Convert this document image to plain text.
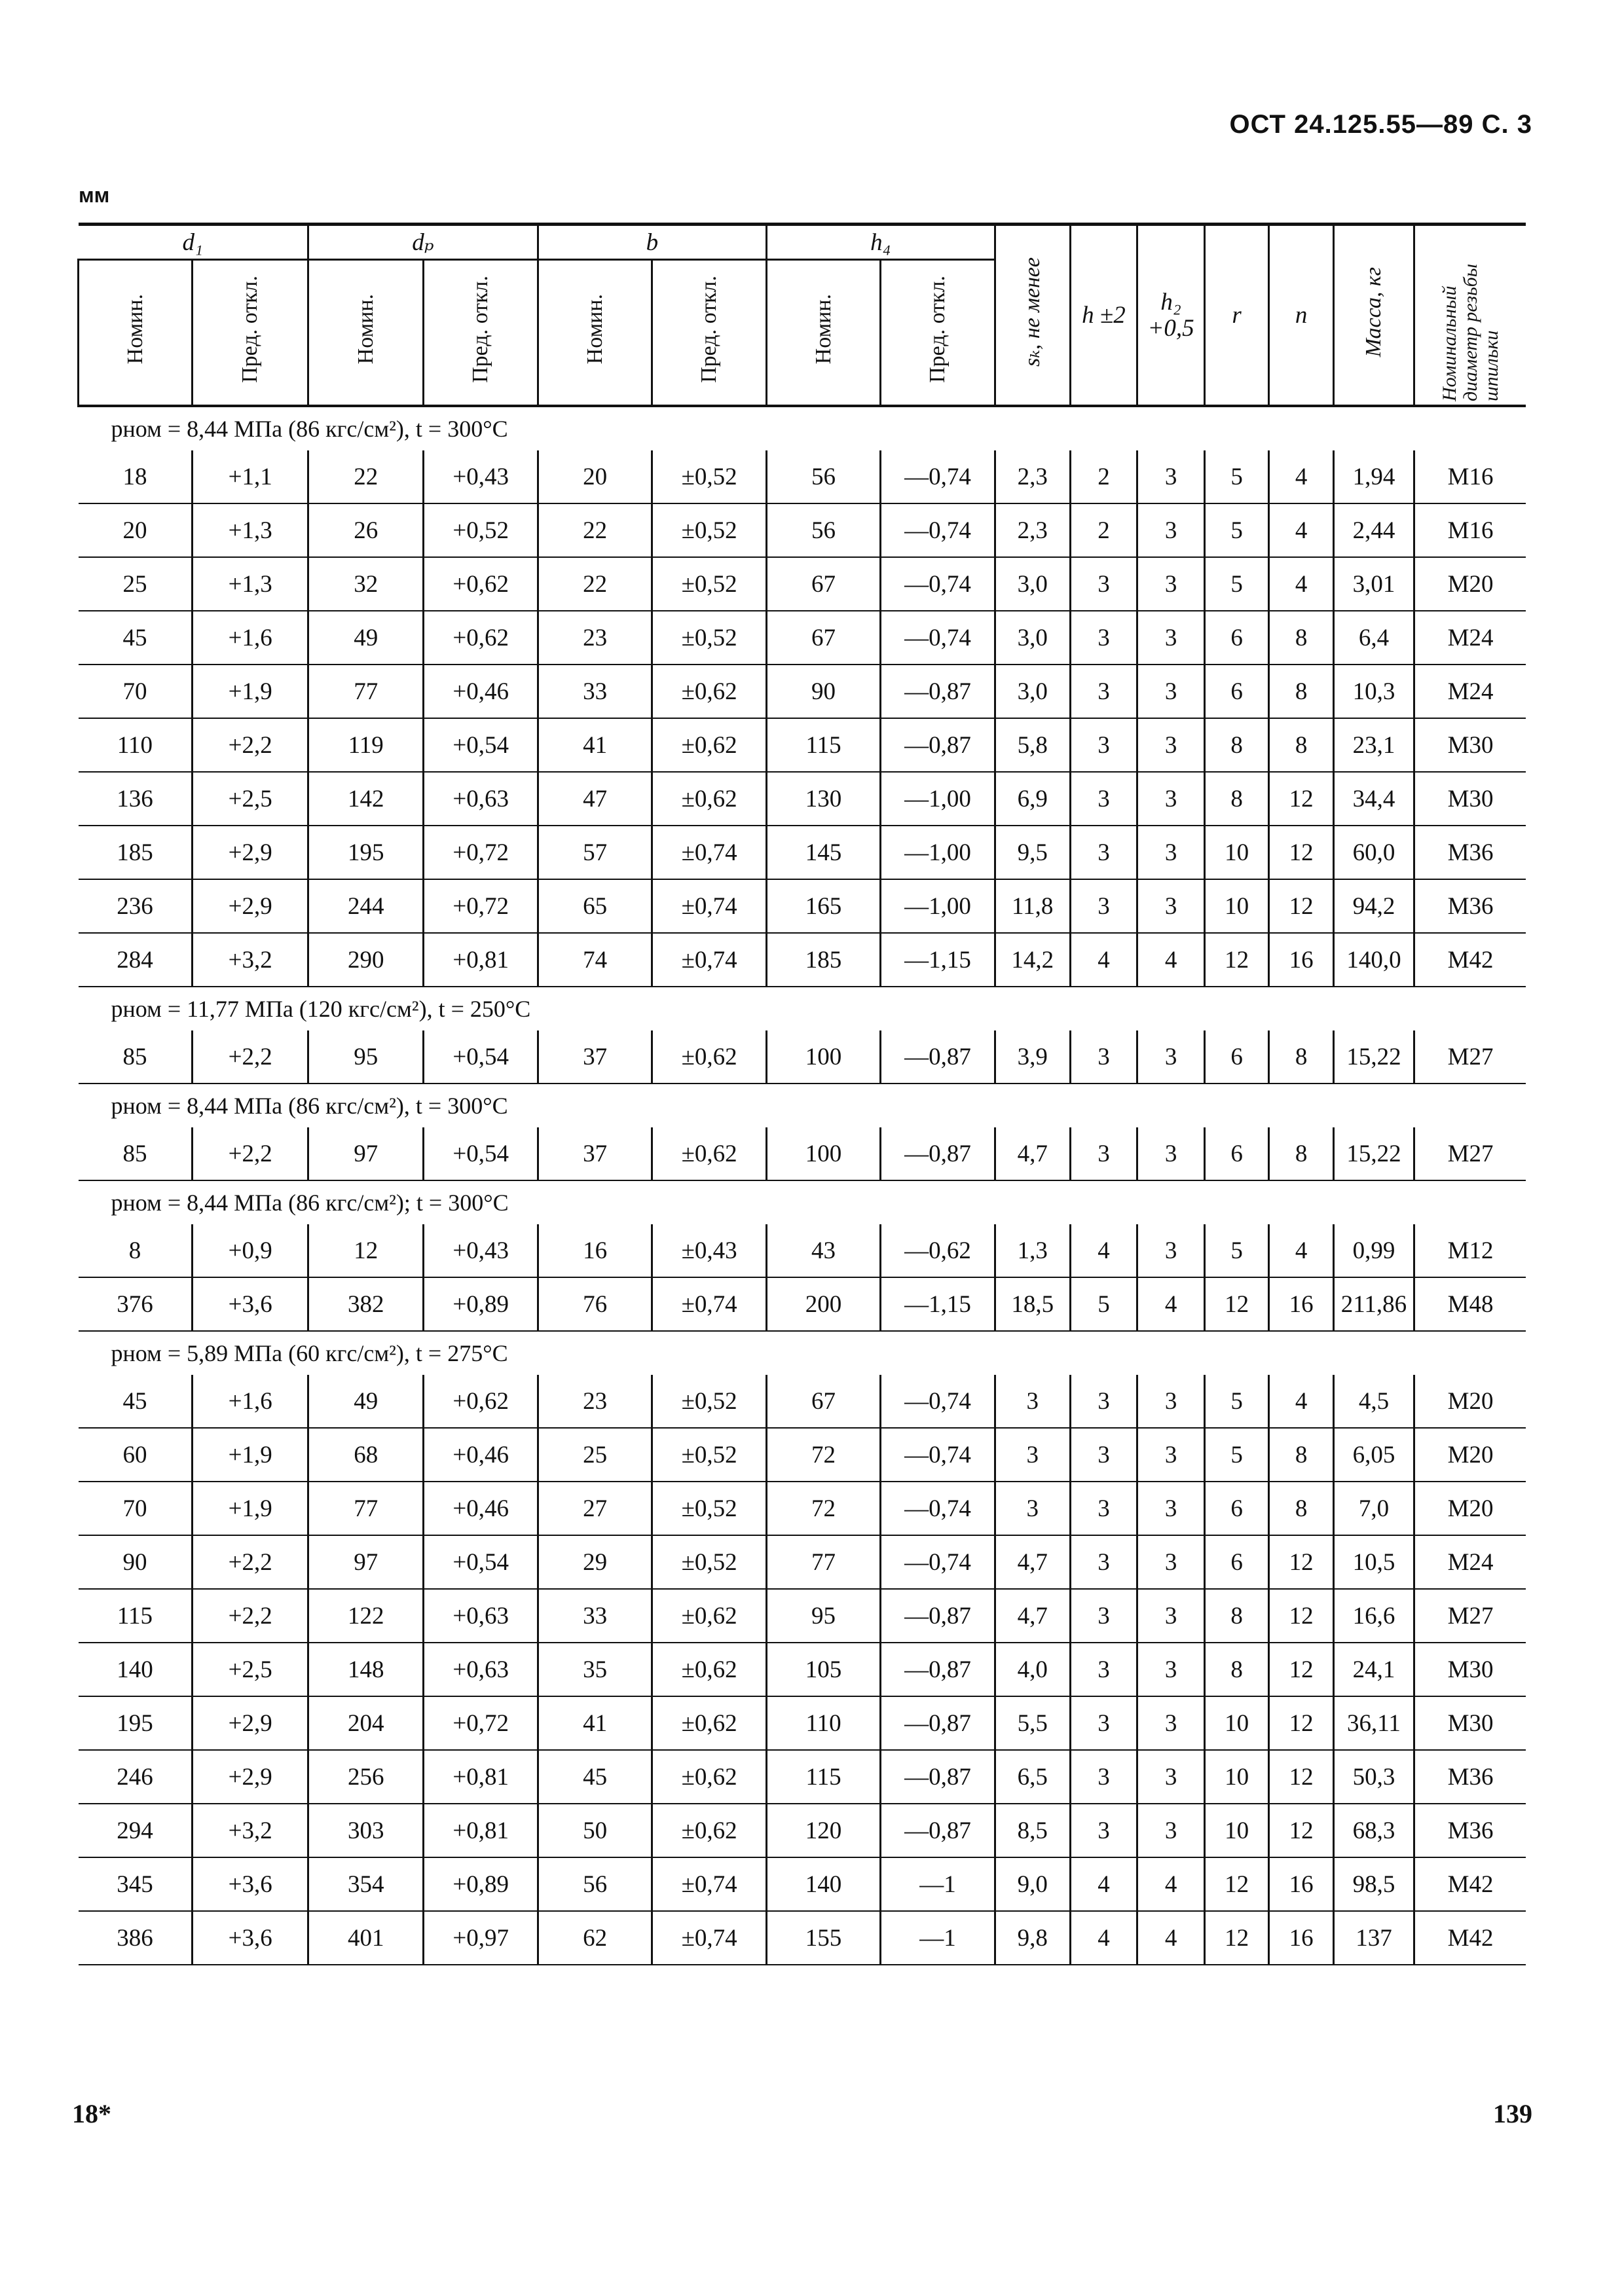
ОСТ 24.125.55—89 С. 3
мм
d₁		dₚ		b		h₄		sₖ, не менее	h ±2	h₂ +0,5	r	n	Масса, кг	Номинальный диаметр резьбы шпильки
Номин.	Пред. откл.	Номин.	Пред. откл.	Номин.	Пред. откл.	Номин.	Пред. откл.							
pном = 8,44 МПа (86 кгс/см²), t = 300°C														
18	+1,1	22	+0,43	20	±0,52	56	—0,74	2,3	2	3	5	4	1,94	M16
20	+1,3	26	+0,52	22	±0,52	56	—0,74	2,3	2	3	5	4	2,44	M16
25	+1,3	32	+0,62	22	±0,52	67	—0,74	3,0	3	3	5	4	3,01	M20
45	+1,6	49	+0,62	23	±0,52	67	—0,74	3,0	3	3	6	8	6,4	M24
70	+1,9	77	+0,46	33	±0,62	90	—0,87	3,0	3	3	6	8	10,3	M24
110	+2,2	119	+0,54	41	±0,62	115	—0,87	5,8	3	3	8	8	23,1	M30
136	+2,5	142	+0,63	47	±0,62	130	—1,00	6,9	3	3	8	12	34,4	M30
185	+2,9	195	+0,72	57	±0,74	145	—1,00	9,5	3	3	10	12	60,0	M36
236	+2,9	244	+0,72	65	±0,74	165	—1,00	11,8	3	3	10	12	94,2	M36
284	+3,2	290	+0,81	74	±0,74	185	—1,15	14,2	4	4	12	16	140,0	M42
pном = 11,77 МПа (120 кгс/см²), t = 250°C														
85	+2,2	95	+0,54	37	±0,62	100	—0,87	3,9	3	3	6	8	15,22	M27
pном = 8,44 МПа (86 кгс/см²), t = 300°C														
85	+2,2	97	+0,54	37	±0,62	100	—0,87	4,7	3	3	6	8	15,22	M27
pном = 8,44 МПа (86 кгс/см²); t = 300°C														
8	+0,9	12	+0,43	16	±0,43	43	—0,62	1,3	4	3	5	4	0,99	M12
376	+3,6	382	+0,89	76	±0,74	200	—1,15	18,5	5	4	12	16	211,86	M48
pном = 5,89 МПа (60 кгс/см²), t = 275°C														
45	+1,6	49	+0,62	23	±0,52	67	—0,74	3	3	3	5	4	4,5	M20
60	+1,9	68	+0,46	25	±0,52	72	—0,74	3	3	3	5	8	6,05	M20
70	+1,9	77	+0,46	27	±0,52	72	—0,74	3	3	3	6	8	7,0	M20
90	+2,2	97	+0,54	29	±0,52	77	—0,74	4,7	3	3	6	12	10,5	M24
115	+2,2	122	+0,63	33	±0,62	95	—0,87	4,7	3	3	8	12	16,6	M27
140	+2,5	148	+0,63	35	±0,62	105	—0,87	4,0	3	3	8	12	24,1	M30
195	+2,9	204	+0,72	41	±0,62	110	—0,87	5,5	3	3	10	12	36,11	M30
246	+2,9	256	+0,81	45	±0,62	115	—0,87	6,5	3	3	10	12	50,3	M36
294	+3,2	303	+0,81	50	±0,62	120	—0,87	8,5	3	3	10	12	68,3	M36
345	+3,6	354	+0,89	56	±0,74	140	—1	9,0	4	4	12	16	98,5	M42
386	+3,6	401	+0,97	62	±0,74	155	—1	9,8	4	4	12	16	137	M42
18*	139
